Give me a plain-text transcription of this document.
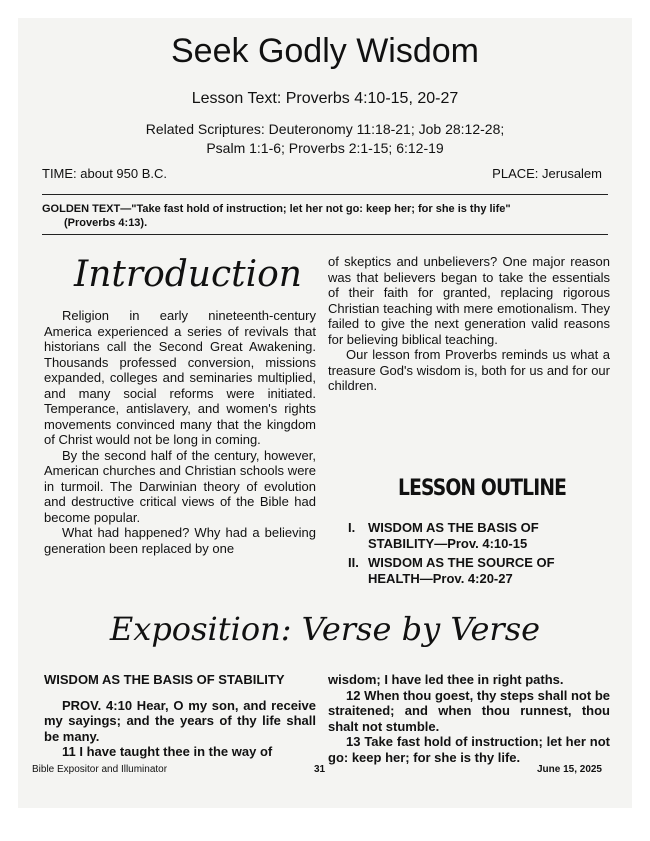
Seek Godly Wisdom
Lesson Text: Proverbs 4:10-15, 20-27
Related Scriptures: Deuteronomy 11:18-21; Job 28:12-28;
Psalm 1:1-6; Proverbs 2:1-15; 6:12-19
TIME: about 950 B.C.	PLACE: Jerusalem
GOLDEN TEXT—"Take fast hold of instruction; let her not go: keep her; for she is thy life"
(Proverbs 4:13).
Introduction

Religion in early nineteenth-century America experienced a series of revivals that historians call the Second Great Awakening. Thousands professed conversion, missions expanded, colleges and seminaries multiplied, and many social reforms were initiated. Temperance, antislavery, and women's rights movements convinced many that the kingdom of Christ would not be long in coming.

By the second half of the century, however, American churches and Christian schools were in turmoil. The Darwinian theory of evolution and destructive critical views of the Bible had become popular.

What had happened? Why had a believing generation been replaced by one

of skeptics and unbelievers? One major reason was that believers began to take the essentials of their faith for granted, replacing rigorous Christian teaching with mere emotionalism. They failed to give the next generation valid reasons for believing biblical teaching.

Our lesson from Proverbs reminds us what a treasure God's wisdom is, both for us and for our children.

LESSON OUTLINE
I. WISDOM AS THE BASIS OF
STABILITY—Prov. 4:10-15
II. WISDOM AS THE SOURCE OF
HEALTH—Prov. 4:20-27
Exposition: Verse by Verse

WISDOM AS THE BASIS OF STABILITY

PROV. 4:10 Hear, O my son, and receive my sayings; and the years of thy life shall be many.

11 I have taught thee in the way of

wisdom; I have led thee in right paths.

12 When thou goest, thy steps shall not be straitened; and when thou runnest, thou shalt not stumble.

13 Take fast hold of instruction; let her not go: keep her; for she is thy life.

Bible Expositor and Illuminator	31	June 15, 2025
